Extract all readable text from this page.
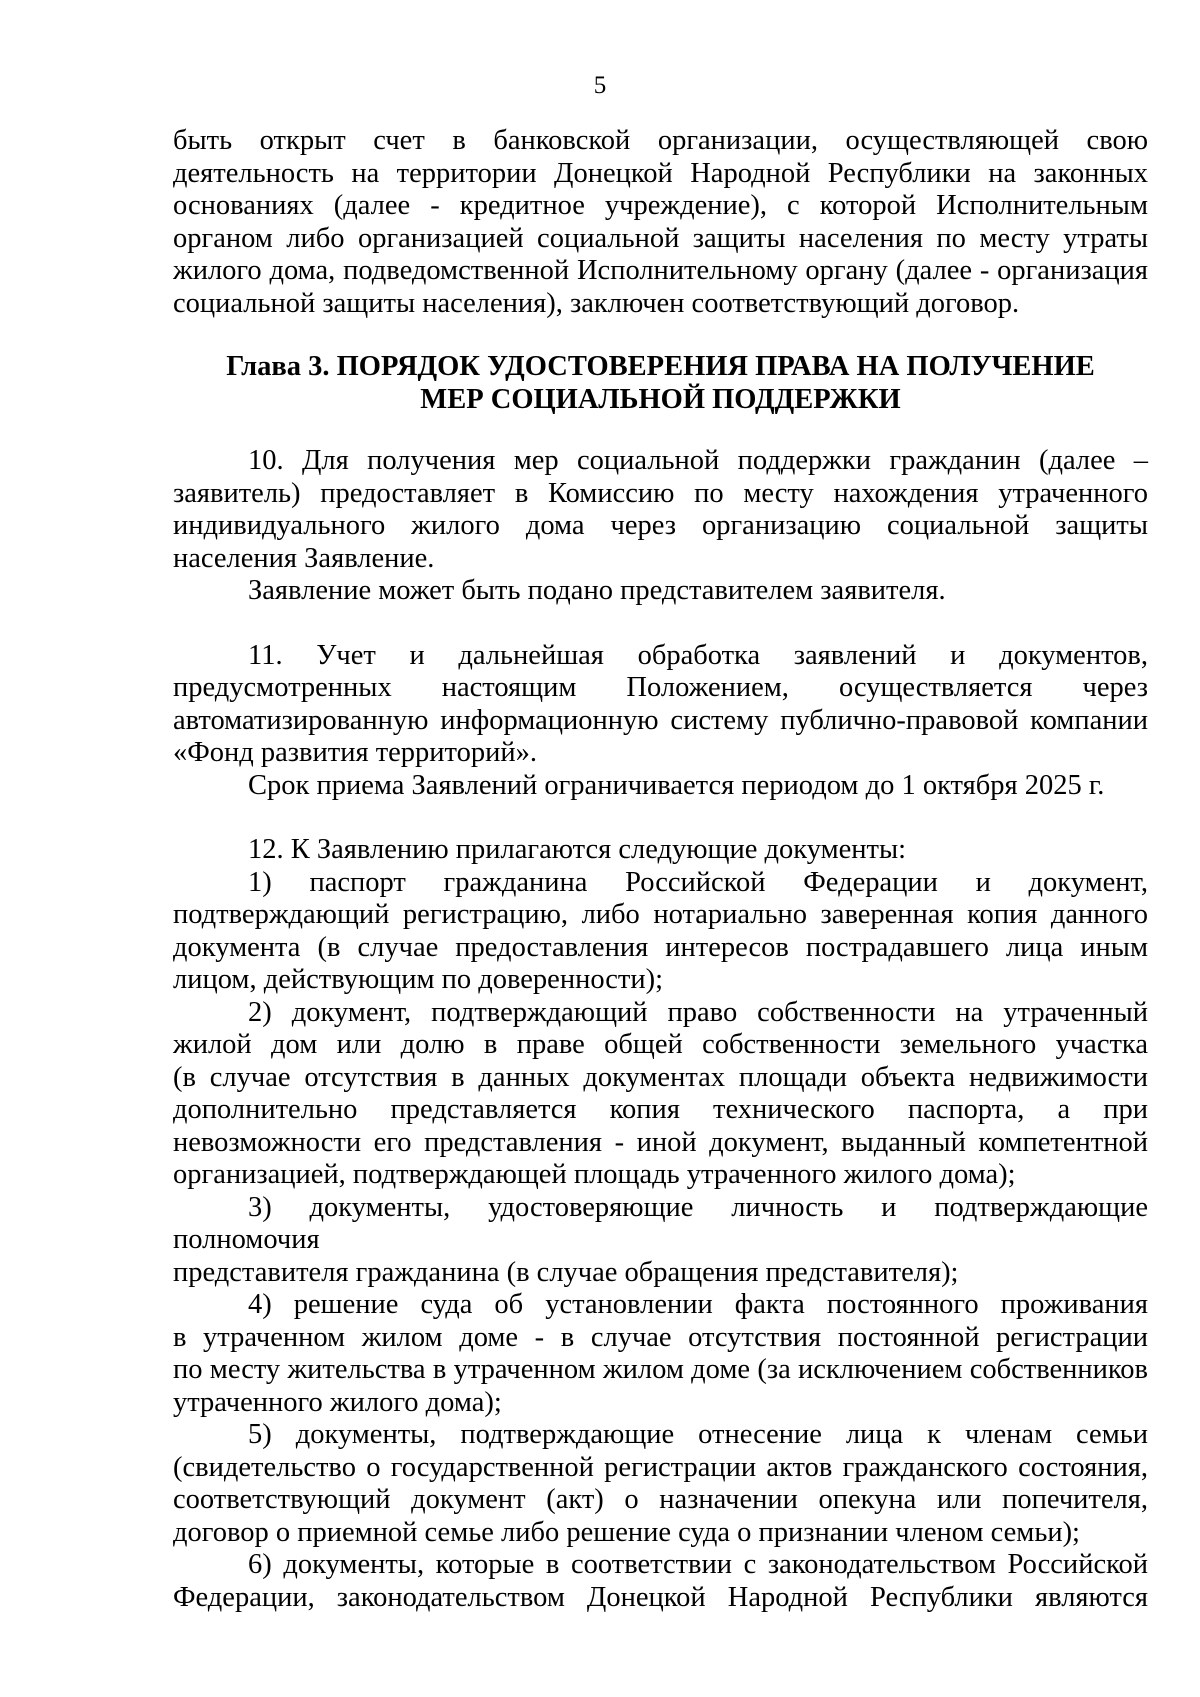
5

быть открыт счет в банковской организации, осуществляющей свою

деятельность на территории Донецкой Народной Республики на законных

основаниях (далее - кредитное учреждение), с которой Исполнительным

органом либо организацией социальной защиты населения по месту утраты

жилого дома, подведомственной Исполнительному органу (далее - организация

социальной защиты населения), заключен соответствующий договор.

Глава 3. ПОРЯДОК УДОСТОВЕРЕНИЯ ПРАВА НА ПОЛУЧЕНИЕ
МЕР СОЦИАЛЬНОЙ ПОДДЕРЖКИ

10. Для получения мер социальной поддержки гражданин (далее –

заявитель) предоставляет в Комиссию по месту нахождения утраченного

индивидуального жилого дома через организацию социальной защиты

населения Заявление.

Заявление может быть подано представителем заявителя.

11. Учет и дальнейшая обработка заявлений и документов,

предусмотренных настоящим Положением, осуществляется через

автоматизированную информационную систему публично-правовой компании

«Фонд развития территорий».

Срок приема Заявлений ограничивается периодом до 1 октября 2025 г.

12. К Заявлению прилагаются следующие документы:

1) паспорт гражданина Российской Федерации и документ,

подтверждающий регистрацию, либо нотариально заверенная копия данного

документа (в случае предоставления интересов пострадавшего лица иным

лицом, действующим по доверенности);

2) документ, подтверждающий право собственности на утраченный

жилой дом или долю в праве общей собственности земельного участка

(в случае отсутствия в данных документах площади объекта недвижимости

дополнительно представляется копия технического паспорта, а при

невозможности его представления - иной документ, выданный компетентной

организацией, подтверждающей площадь утраченного жилого дома);

3) документы, удостоверяющие личность и подтверждающие полномочия

представителя гражданина (в случае обращения представителя);

4) решение суда об установлении факта постоянного проживания

в утраченном жилом доме - в случае отсутствия постоянной регистрации

по месту жительства в утраченном жилом доме (за исключением собственников

утраченного жилого дома);

5) документы, подтверждающие отнесение лица к членам семьи

(свидетельство о государственной регистрации актов гражданского состояния,

соответствующий документ (акт) о назначении опекуна или попечителя,

договор о приемной семье либо решение суда о признании членом семьи);

6) документы, которые в соответствии с законодательством Российской

Федерации, законодательством Донецкой Народной Республики являются
